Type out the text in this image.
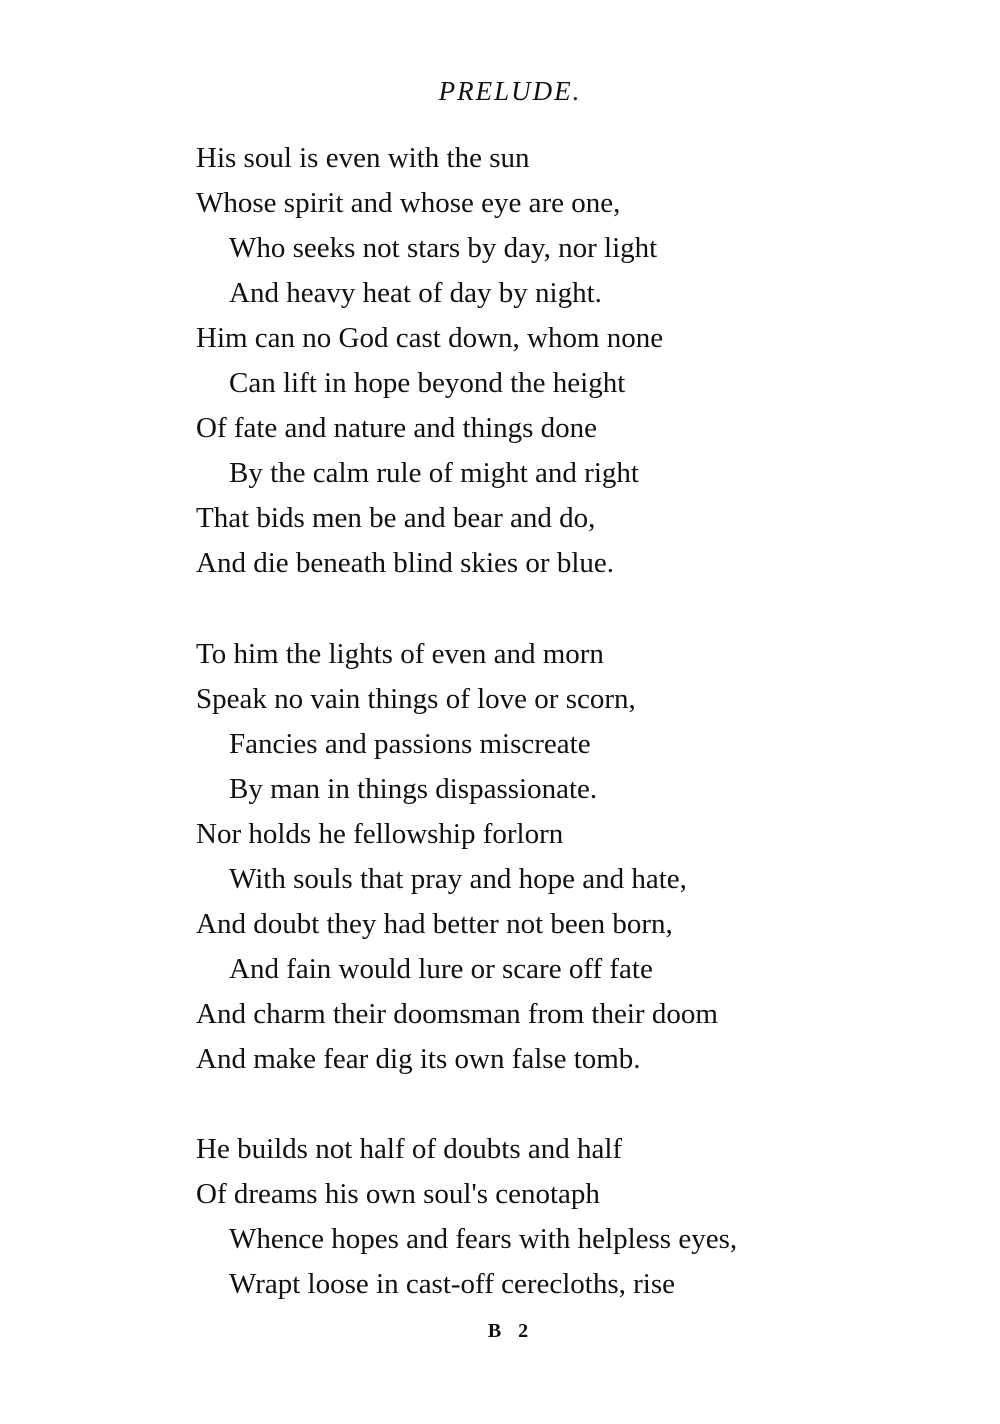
PRELUDE.
His soul is even with the sun
Whose spirit and whose eye are one,
Who seeks not stars by day, nor light
And heavy heat of day by night.
Him can no God cast down, whom none
Can lift in hope beyond the height
Of fate and nature and things done
By the calm rule of might and right
That bids men be and bear and do,
And die beneath blind skies or blue.
To him the lights of even and morn
Speak no vain things of love or scorn,
Fancies and passions miscreate
By man in things dispassionate.
Nor holds he fellowship forlorn
With souls that pray and hope and hate,
And doubt they had better not been born,
And fain would lure or scare off fate
And charm their doomsman from their doom
And make fear dig its own false tomb.
He builds not half of doubts and half
Of dreams his own soul's cenotaph
Whence hopes and fears with helpless eyes,
Wrapt loose in cast-off cerecloths, rise
B 2
